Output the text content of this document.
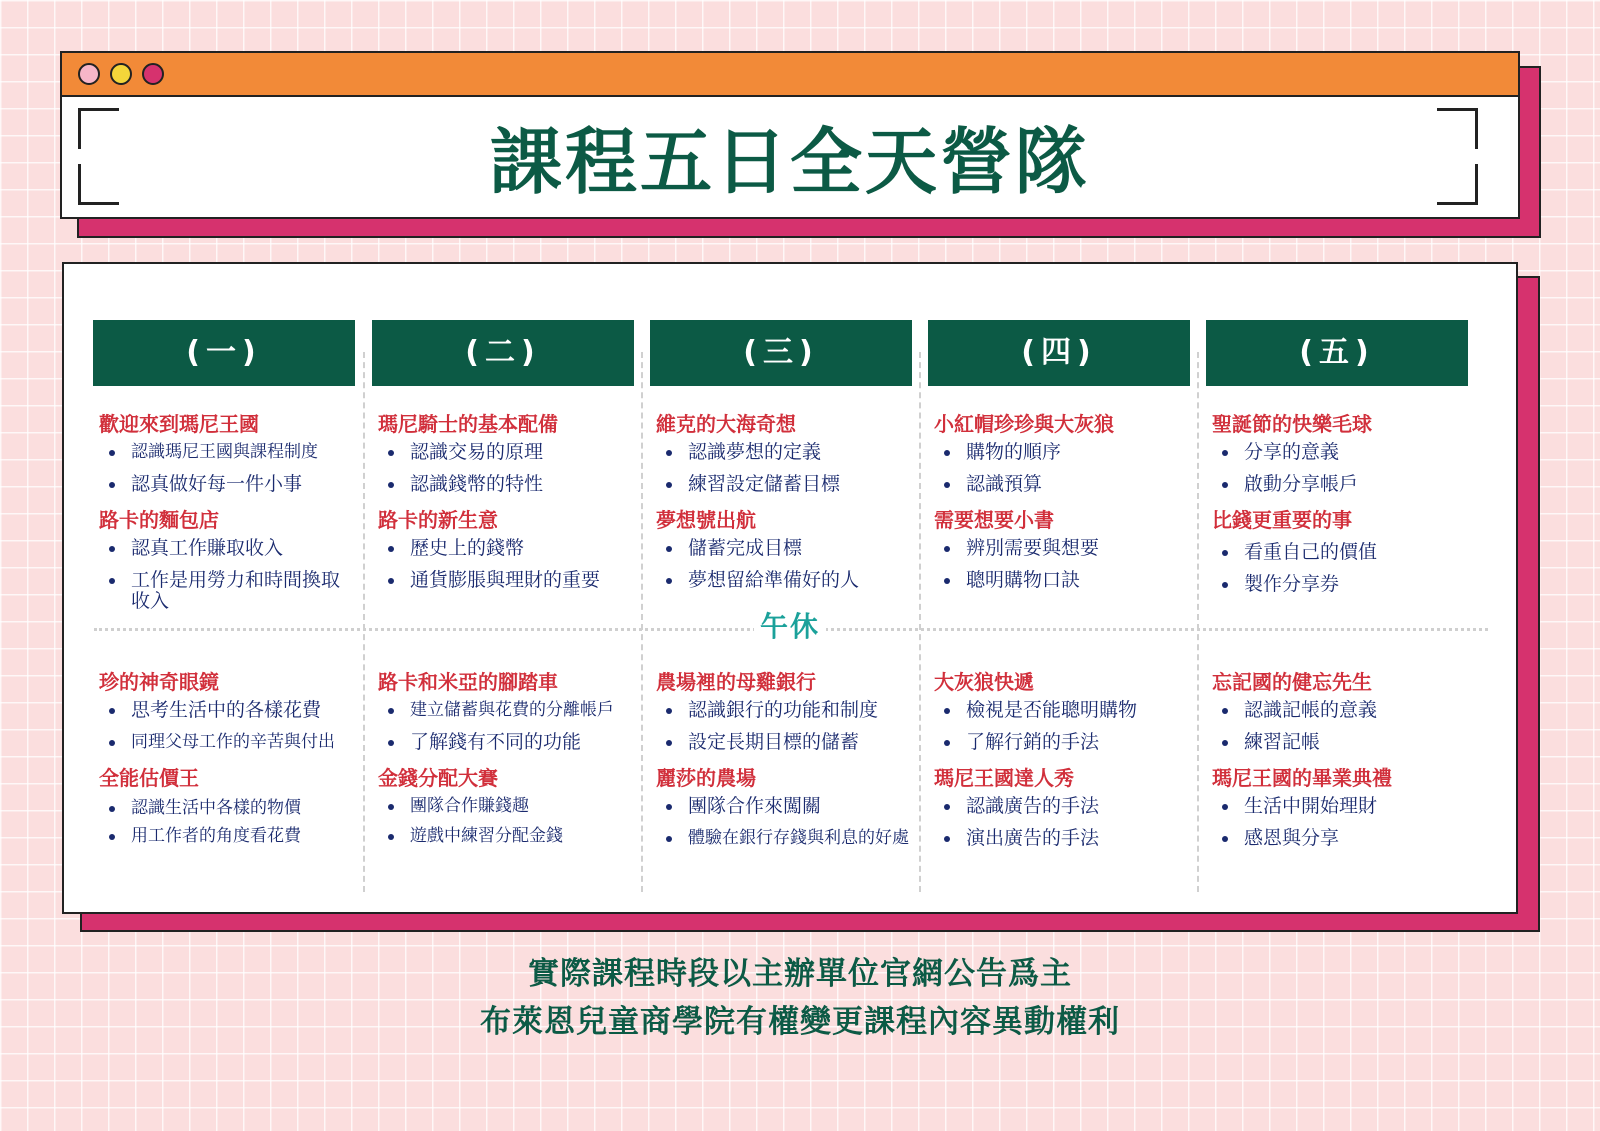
課程五日全天營隊
(一)
歡迎來到瑪尼王國
認識瑪尼王國與課程制度
認真做好每一件小事
路卡的麵包店
認真工作賺取收入
工作是用勞力和時間換取收入
珍的神奇眼鏡
思考生活中的各樣花費
同理父母工作的辛苦與付出
全能估價王
認識生活中各樣的物價
用工作者的角度看花費
(二)
瑪尼騎士的基本配備
認識交易的原理
認識錢幣的特性
路卡的新生意
歷史上的錢幣
通貨膨脹與理財的重要
路卡和米亞的腳踏車
建立儲蓄與花費的分離帳戶
了解錢有不同的功能
金錢分配大賽
團隊合作賺錢趣
遊戲中練習分配金錢
(三)
維克的大海奇想
認識夢想的定義
練習設定儲蓄目標
夢想號出航
儲蓄完成目標
夢想留給準備好的人
農場裡的母雞銀行
認識銀行的功能和制度
設定長期目標的儲蓄
麗莎的農場
團隊合作來闖關
體驗在銀行存錢與利息的好處
(四)
小紅帽珍珍與大灰狼
購物的順序
認識預算
需要想要小書
辨別需要與想要
聰明購物口訣
大灰狼快遞
檢視是否能聰明購物
了解行銷的手法
瑪尼王國達人秀
認識廣告的手法
演出廣告的手法
(五)
聖誕節的快樂毛球
分享的意義
啟動分享帳戶
比錢更重要的事
看重自己的價值
製作分享券
忘記國的健忘先生
認識記帳的意義
練習記帳
瑪尼王國的畢業典禮
生活中開始理財
感恩與分享
午休
實際課程時段以主辦單位官網公告爲主
布萊恩兒童商學院有權變更課程內容異動權利
